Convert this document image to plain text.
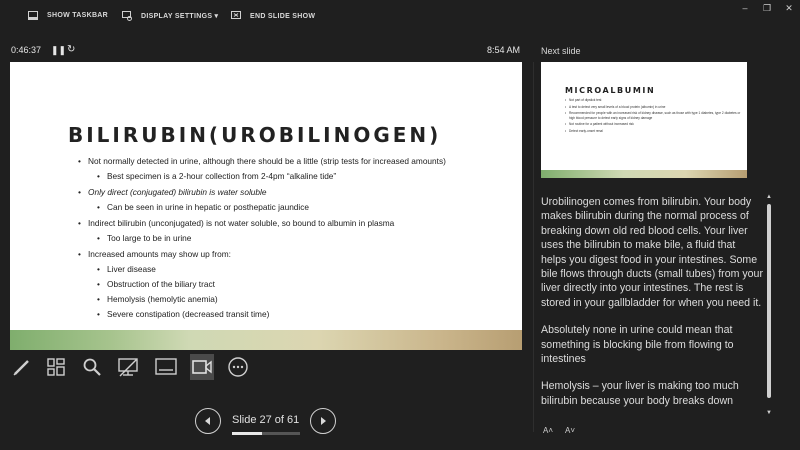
SHOW TASKBAR	DISPLAY SETTINGS ▾	END SLIDE SHOW
–	❐	✕
0:46:37 ❚❚ ↻	8:54 AM
BILIRUBIN(UROBILINOGEN)
• Not normally detected in urine, although there should be a little (strip tests for increased amounts)
• Best specimen is a 2-hour collection from 2-4pm “alkaline tide”
• Only direct (conjugated) bilirubin is water soluble
• Can be seen in urine in hepatic or posthepatic jaundice
• Indirect bilirubin (unconjugated) is not water soluble, so bound to albumin in plasma
• Too large to be in urine
• Increased amounts may show up from:
• Liver disease
• Obstruction of the biliary tract
• Hemolysis (hemolytic anemia)
• Severe constipation (decreased transit time)
Slide 27 of 61
Next slide
MICROALBUMIN
• Not part of dipstick test
• A test to detect very small levels of a blood protein (albumin) in urine
• Recommended for people with an increased risk of kidney disease, such as those with type 1 diabetes, type 2 diabetes or high blood pressure to detect early signs of kidney damage
• Not routine for a patient without increased risk
• Detect early-onset renal

Urobilinogen comes from bilirubin. Your body makes bilirubin during the normal process of breaking down old red blood cells. Your liver uses the bilirubin to make bile, a fluid that helps you digest food in your intestines. Some bile flows through ducts (small tubes) from your liver directly into your intestines. The rest is stored in your gallbladder for when you need it.

Absolutely none in urine could mean that something is blocking bile from flowing to intestines

Hemolysis – your liver is making too much bilirubin because your body breaks down

▲
▼
A˄ A˅
